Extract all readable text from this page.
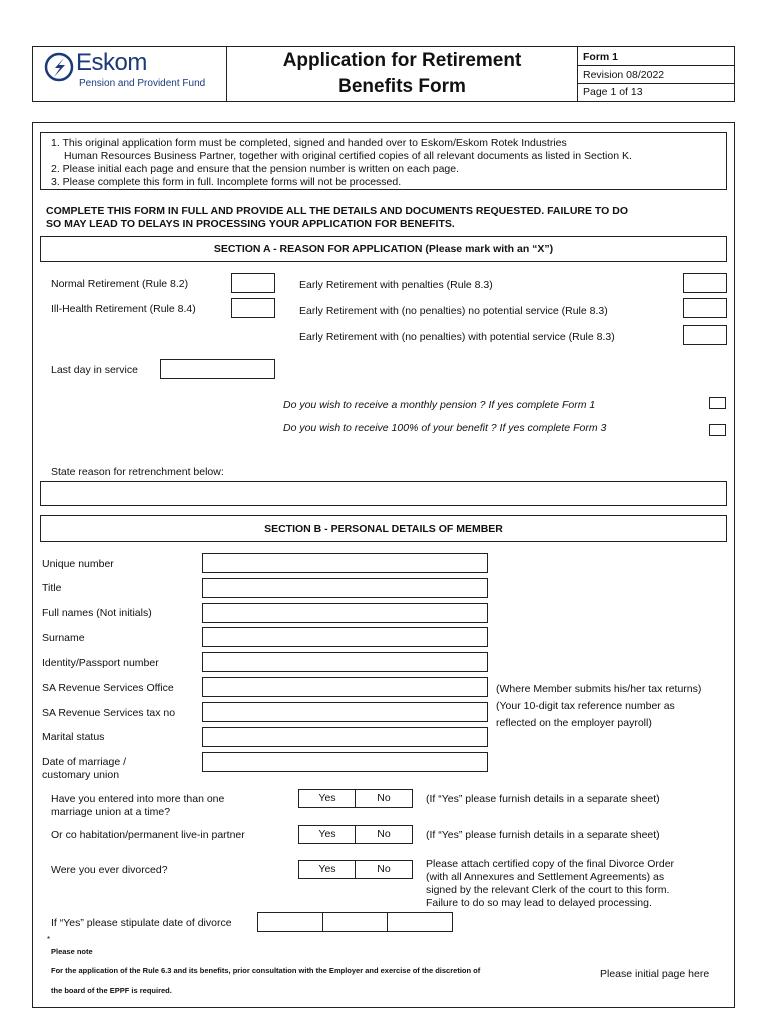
Eskom
Pension and Provident Fund
Application for Retirement
Benefits Form
Form 1
Revision 08/2022
Page 1 of 13
1. This original application form must be completed, signed and handed over to Eskom/Eskom Rotek Industries
Human Resources Business Partner, together with original certified copies of all relevant documents as listed in Section K.
2. Please initial each page and ensure that the pension number is written on each page.
3. Please complete this form in full. Incomplete forms will not be processed.
COMPLETE THIS FORM IN FULL AND PROVIDE ALL THE DETAILS AND DOCUMENTS REQUESTED. FAILURE TO DO
SO MAY LEAD TO DELAYS IN PROCESSING YOUR APPLICATION FOR BENEFITS.
SECTION A - REASON FOR APPLICATION (Please mark with an “X”)
Normal Retirement (Rule 8.2)
Ill-Health Retirement (Rule 8.4)
Early Retirement with penalties (Rule 8.3)
Early Retirement with (no penalties) no potential service (Rule 8.3)
Early Retirement with (no penalties) with potential service (Rule 8.3)
Last day in service
Do you wish to receive a monthly pension ? If yes complete Form 1
Do you wish to receive 100% of your benefit ? If yes complete Form 3
State reason for retrenchment below:
SECTION B - PERSONAL DETAILS OF MEMBER
Unique number
Title
Full names (Not initials)
Surname
Identity/Passport number
SA Revenue Services Office
SA Revenue Services tax no
Marital status
Date of marriage /
customary union
(Where Member submits his/her tax returns)
(Your 10-digit tax reference number as
reflected on the employer payroll)
Have you entered into more than one
marriage union at a time?
Yes	No	(If “Yes” please furnish details in a separate sheet)
Or co habitation/permanent live-in partner	Yes	No	(If “Yes” please furnish details in a separate sheet)
Were you ever divorced?	Yes	No	Please attach certified copy of the final Divorce Order
(with all Annexures and Settlement Agreements) as
signed by the relevant Clerk of the court to this form.
Failure to do so may lead to delayed processing.
If “Yes” please stipulate date of divorce
*
Please note
For the application of the Rule 6.3 and its benefits, prior consultation with the Employer and exercise of the discretion of
the board of the EPPF is required.
Please initial page here
